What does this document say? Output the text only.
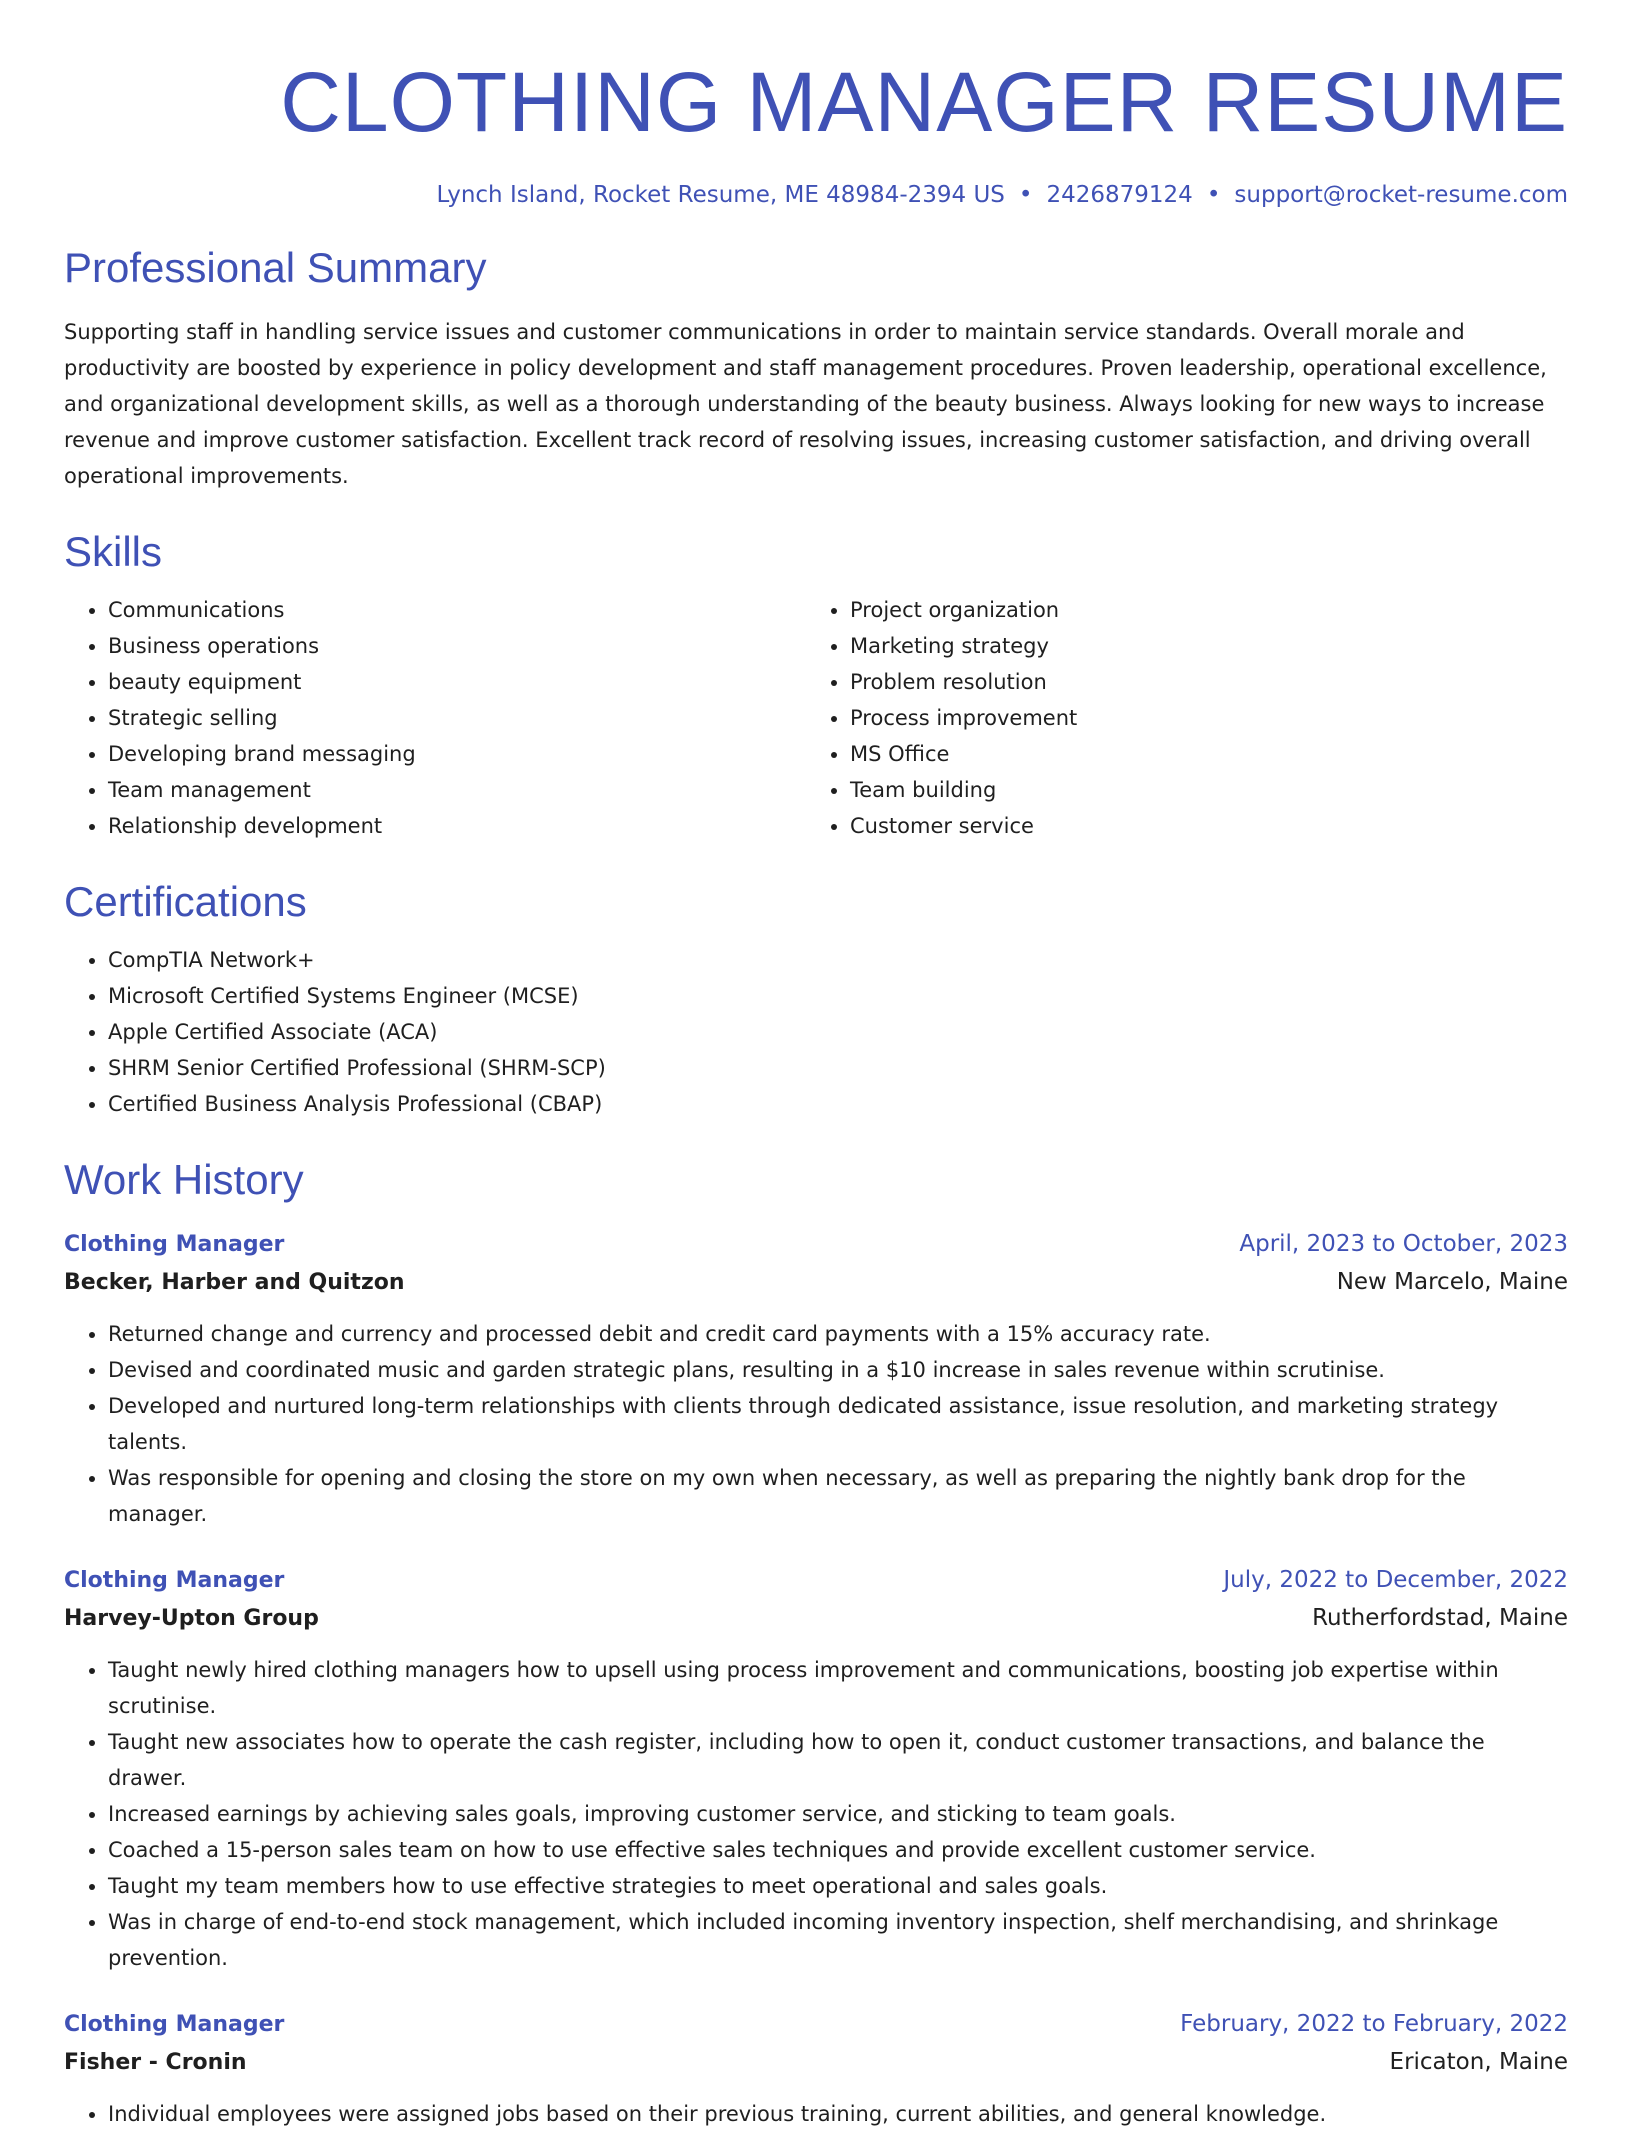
CLOTHING MANAGER RESUME
Lynch Island, Rocket Resume, ME 48984-2394 US • 2426879124 • support@rocket-resume.com
Professional Summary
Supporting staff in handling service issues and customer communications in order to maintain service standards. Overall morale and productivity are boosted by experience in policy development and staff management procedures. Proven leadership, operational excellence, and organizational development skills, as well as a thorough understanding of the beauty business. Always looking for new ways to increase revenue and improve customer satisfaction. Excellent track record of resolving issues, increasing customer satisfaction, and driving overall operational improvements.
Skills
• Communications
• Business operations
• beauty equipment
• Strategic selling
• Developing brand messaging
• Team management
• Relationship development
• Project organization
• Marketing strategy
• Problem resolution
• Process improvement
• MS Office
• Team building
• Customer service
Certifications
• CompTIA Network+
• Microsoft Certified Systems Engineer (MCSE)
• Apple Certified Associate (ACA)
• SHRM Senior Certified Professional (SHRM-SCP)
• Certified Business Analysis Professional (CBAP)
Work History
Clothing Manager	April, 2023 to October, 2023
Becker, Harber and Quitzon	New Marcelo, Maine
• Returned change and currency and processed debit and credit card payments with a 15% accuracy rate.
• Devised and coordinated music and garden strategic plans, resulting in a $10 increase in sales revenue within scrutinise.
• Developed and nurtured long-term relationships with clients through dedicated assistance, issue resolution, and marketing strategy talents.
• Was responsible for opening and closing the store on my own when necessary, as well as preparing the nightly bank drop for the manager.
Clothing Manager	July, 2022 to December, 2022
Harvey-Upton Group	Rutherfordstad, Maine
• Taught newly hired clothing managers how to upsell using process improvement and communications, boosting job expertise within scrutinise.
• Taught new associates how to operate the cash register, including how to open it, conduct customer transactions, and balance the drawer.
• Increased earnings by achieving sales goals, improving customer service, and sticking to team goals.
• Coached a 15-person sales team on how to use effective sales techniques and provide excellent customer service.
• Taught my team members how to use effective strategies to meet operational and sales goals.
• Was in charge of end-to-end stock management, which included incoming inventory inspection, shelf merchandising, and shrinkage prevention.
Clothing Manager	February, 2022 to February, 2022
Fisher - Cronin	Ericaton, Maine
• Individual employees were assigned jobs based on their previous training, current abilities, and general knowledge.
